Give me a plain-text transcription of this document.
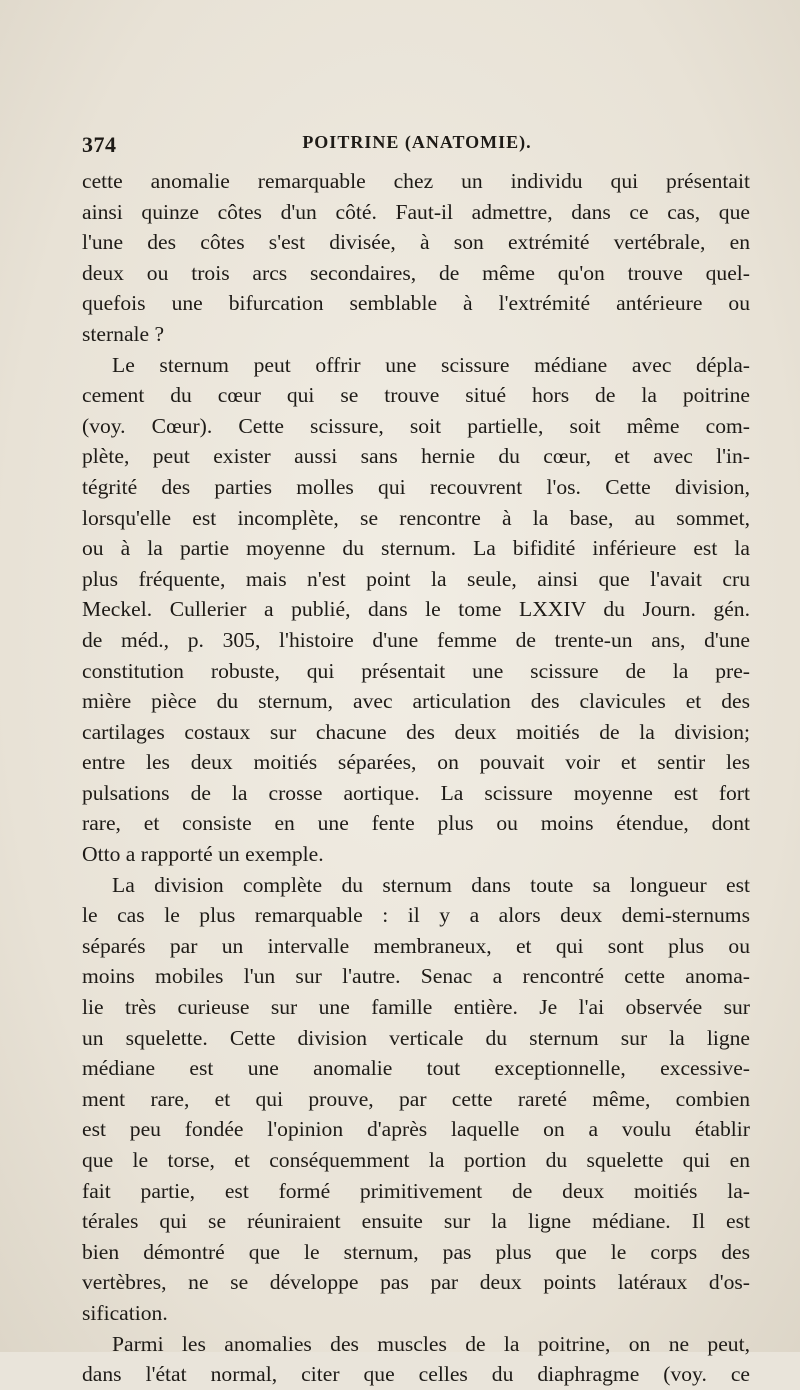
374	POITRINE (ANATOMIE).
cette anomalie remarquable chez un individu qui présentait
ainsi quinze côtes d'un côté. Faut-il admettre, dans ce cas, que
l'une des côtes s'est divisée, à son extrémité vertébrale, en
deux ou trois arcs secondaires, de même qu'on trouve quel-
quefois une bifurcation semblable à l'extrémité antérieure ou
sternale ?
Le sternum peut offrir une scissure médiane avec dépla-
cement du cœur qui se trouve situé hors de la poitrine
(voy. Cœur). Cette scissure, soit partielle, soit même com-
plète, peut exister aussi sans hernie du cœur, et avec l'in-
tégrité des parties molles qui recouvrent l'os. Cette division,
lorsqu'elle est incomplète, se rencontre à la base, au sommet,
ou à la partie moyenne du sternum. La bifidité inférieure est la
plus fréquente, mais n'est point la seule, ainsi que l'avait cru
Meckel. Cullerier a publié, dans le tome LXXIV du Journ. gén.
de méd., p. 305, l'histoire d'une femme de trente-un ans, d'une
constitution robuste, qui présentait une scissure de la pre-
mière pièce du sternum, avec articulation des clavicules et des
cartilages costaux sur chacune des deux moitiés de la division;
entre les deux moitiés séparées, on pouvait voir et sentir les
pulsations de la crosse aortique. La scissure moyenne est fort
rare, et consiste en une fente plus ou moins étendue, dont
Otto a rapporté un exemple.
La division complète du sternum dans toute sa longueur est
le cas le plus remarquable : il y a alors deux demi-sternums
séparés par un intervalle membraneux, et qui sont plus ou
moins mobiles l'un sur l'autre. Senac a rencontré cette anoma-
lie très curieuse sur une famille entière. Je l'ai observée sur
un squelette. Cette division verticale du sternum sur la ligne
médiane est une anomalie tout exceptionnelle, excessive-
ment rare, et qui prouve, par cette rareté même, combien
est peu fondée l'opinion d'après laquelle on a voulu établir
que le torse, et conséquemment la portion du squelette qui en
fait partie, est formé primitivement de deux moitiés la-
térales qui se réuniraient ensuite sur la ligne médiane. Il est
bien démontré que le sternum, pas plus que le corps des
vertèbres, ne se développe pas par deux points latéraux d'os-
sification.
Parmi les anomalies des muscles de la poitrine, on ne peut,
dans l'état normal, citer que celles du diaphragme (voy. ce
